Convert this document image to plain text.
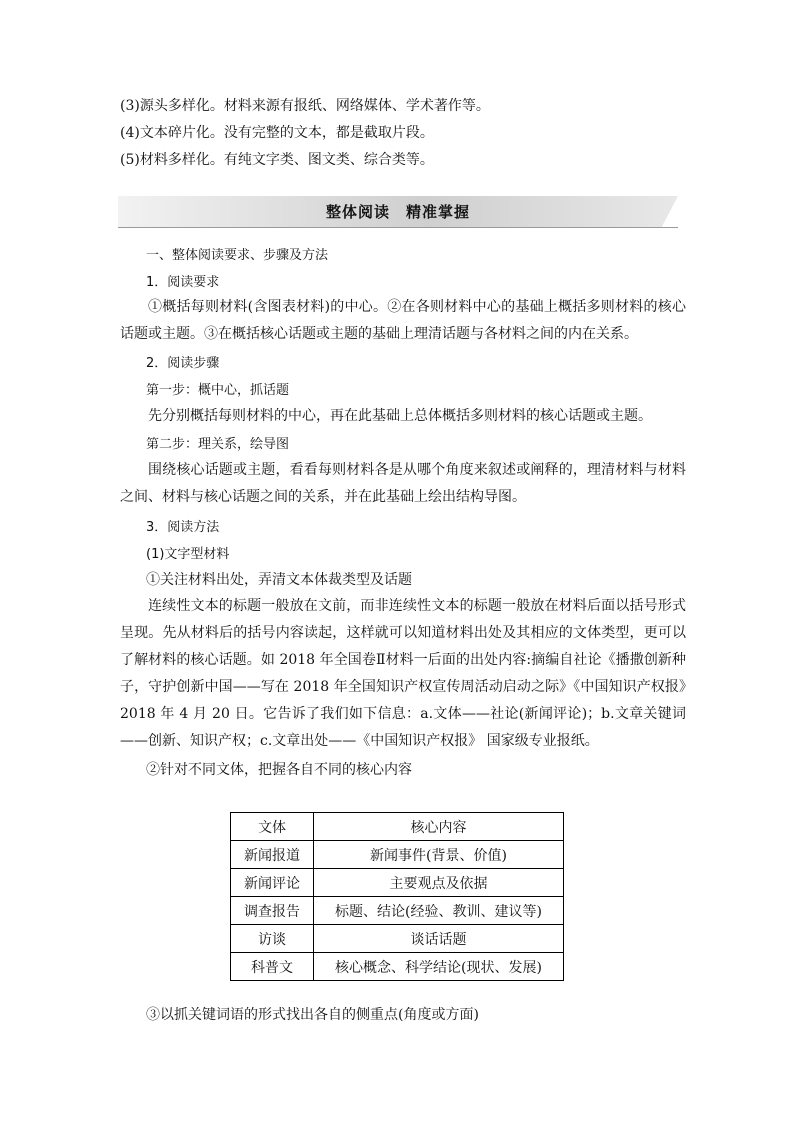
(3)源头多样化。材料来源有报纸、网络媒体、学术著作等。
(4)文本碎片化。没有完整的文本，都是截取片段。
(5)材料多样化。有纯文字类、图文类、综合类等。
整体阅读　精准掌握
一、整体阅读要求、步骤及方法
1．阅读要求
①概括每则材料(含图表材料)的中心。②在各则材料中心的基础上概括多则材料的核心话题或主题。③在概括核心话题或主题的基础上理清话题与各材料之间的内在关系。
2．阅读步骤
第一步：概中心，抓话题
先分别概括每则材料的中心，再在此基础上总体概括多则材料的核心话题或主题。
第二步：理关系，绘导图
围绕核心话题或主题，看看每则材料各是从哪个角度来叙述或阐释的，理清材料与材料之间、材料与核心话题之间的关系，并在此基础上绘出结构导图。
3．阅读方法
(1)文字型材料
①关注材料出处，弄清文本体裁类型及话题
连续性文本的标题一般放在文前，而非连续性文本的标题一般放在材料后面以括号形式呈现。先从材料后的括号内容读起，这样就可以知道材料出处及其相应的文体类型，更可以了解材料的核心话题。如 2018 年全国卷Ⅱ材料一后面的出处内容:摘编自社论《播撒创新种子，守护创新中国——写在 2018 年全国知识产权宣传周活动启动之际》《中国知识产权报》2018 年 4 月 20 日。它告诉了我们如下信息：a.文体——社论(新闻评论)；b.文章关键词——创新、知识产权；c.文章出处——《中国知识产权报》 国家级专业报纸。
②针对不同文体，把握各自不同的核心内容
文体	核心内容
新闻报道	新闻事件(背景、价值)
新闻评论	主要观点及依据
调查报告	标题、结论(经验、教训、建议等)
访谈	谈话话题
科普文	核心概念、科学结论(现状、发展)
③以抓关键词语的形式找出各自的侧重点(角度或方面)
